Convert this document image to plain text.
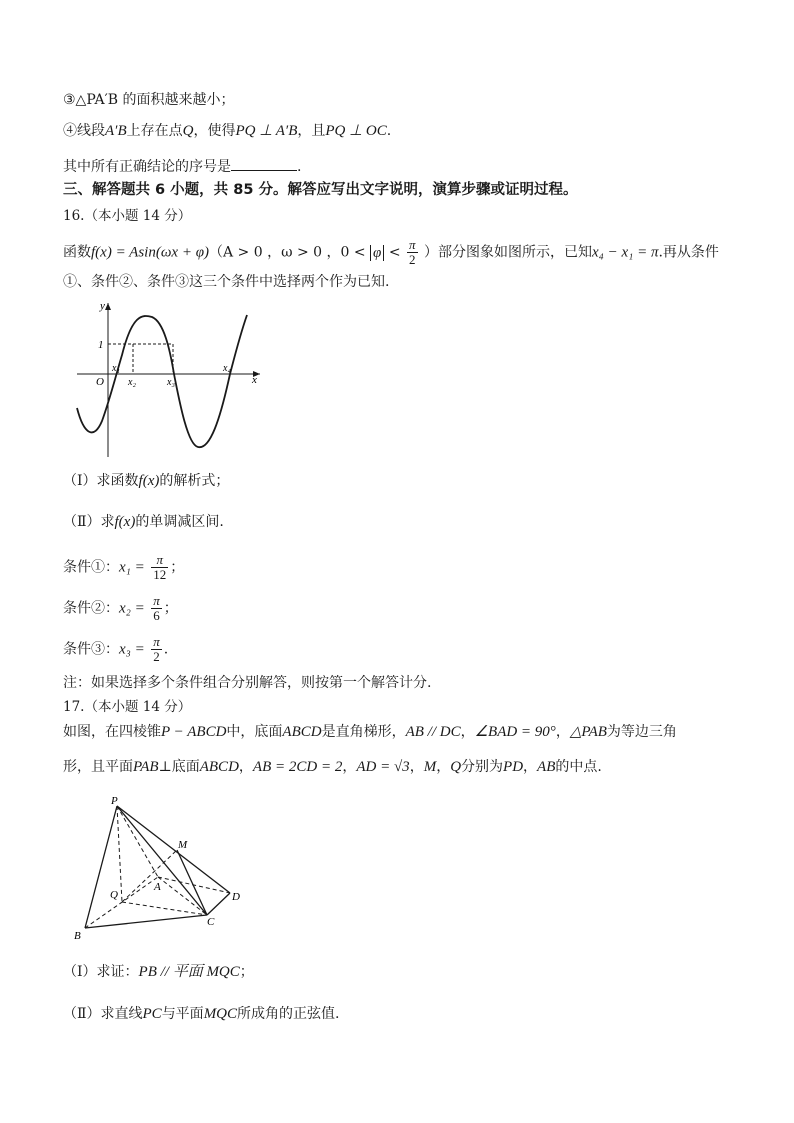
③△PA′B 的面积越来越小；
④线段A′B上存在点Q，使得PQ ⊥ A′B，且PQ ⊥ OC.
其中所有正确结论的序号是	.
三、解答题共 6 小题，共 85 分。解答应写出文字说明，演算步骤或证明过程。
16.（本小题 14 分）
函数f(x) = Asin(ωx + φ)（A > 0 ，ω > 0 ，$0 < \varphi < \frac{\pi}{2}$ ）部分图象如图所示，已知x₄ − x₁ = π.再从条件
①、条件②、条件③这三个条件中选择两个作为已知.
y
x
O
1
x₁
x₂	x₃
x₄
（Ⅰ）求函数f(x)的解析式；
（Ⅱ）求f(x)的单调减区间.
条件①：$x_1 = \frac{\pi}{12}$ ；
条件②：$x_2 = \frac{\pi}{6}$ ；
条件③：$x_3 = \frac{\pi}{2}$ .
注：如果选择多个条件组合分别解答，则按第一个解答计分.
17.（本小题 14 分）
如图，在四棱锥P − ABCD中，底面ABCD是直角梯形，AB // DC，∠BAD = 90°，△PAB为等边三角
形，且平面PAB⊥底面ABCD，AB = 2CD = 2，AD = √3，M，Q分别为PD，AB的中点.
P
M
A
Q	D
C
B
（Ⅰ）求证：PB // 平面 MQC；
（Ⅱ）求直线PC与平面MQC所成角的正弦值.
